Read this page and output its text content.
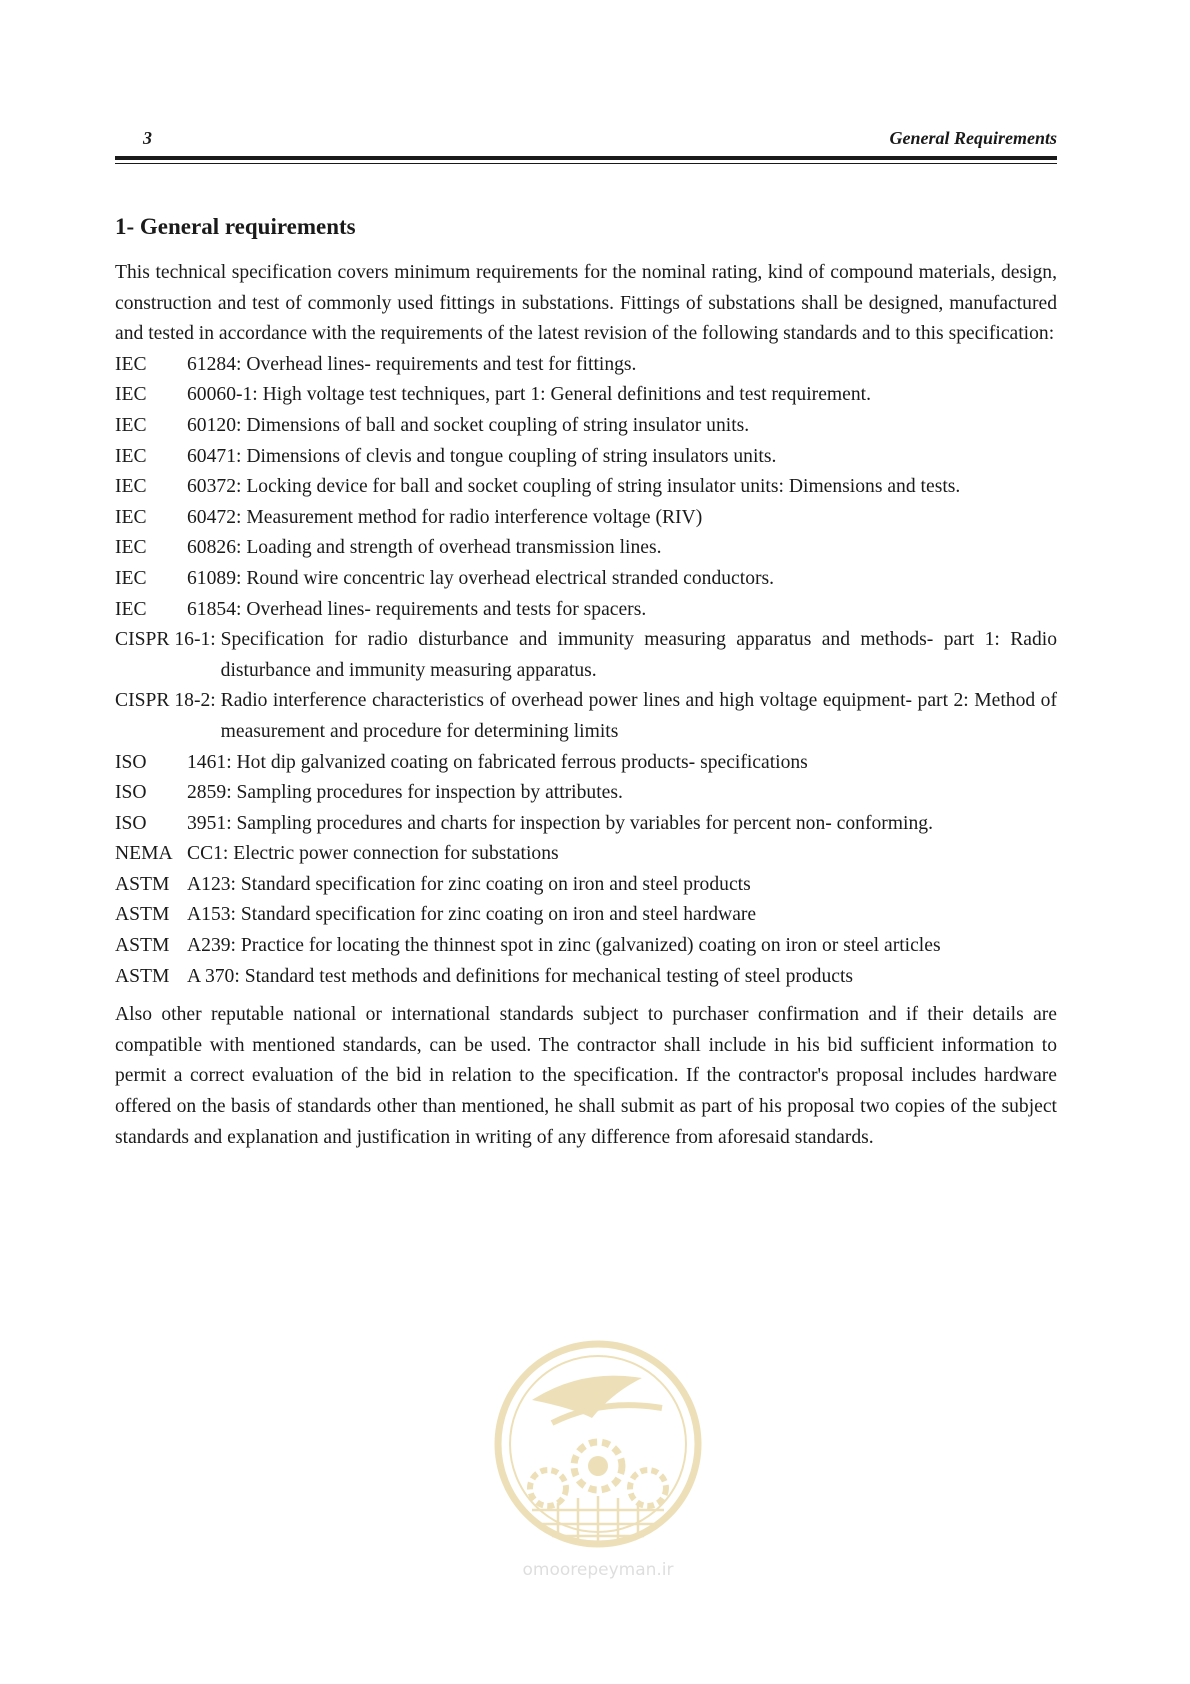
3	General Requirements
1- General requirements

This technical specification covers minimum requirements for the nominal rating, kind of compound materials, design, construction and test of commonly used fittings in substations. Fittings of substations shall be designed, manufactured and tested in accordance with the requirements of the latest revision of the following standards and to this specification:

IEC	61284: Overhead lines- requirements and test for fittings.
IEC	60060-1: High voltage test techniques, part 1: General definitions and test requirement.
IEC	60120: Dimensions of ball and socket coupling of string insulator units.
IEC	60471: Dimensions of clevis and tongue coupling of string insulators units.
IEC	60372: Locking device for ball and socket coupling of string insulator units: Dimensions and tests.
IEC	60472: Measurement method for radio interference voltage (RIV)
IEC	60826: Loading and strength of overhead transmission lines.
IEC	61089: Round wire concentric lay overhead electrical stranded conductors.
IEC	61854: Overhead lines- requirements and tests for spacers.
CISPR 16-1: Specification for radio disturbance and immunity measuring apparatus and methods- part 1: Radio disturbance and immunity measuring apparatus.
CISPR 18-2: Radio interference characteristics of overhead power lines and high voltage equipment- part 2: Method of measurement and procedure for determining limits
ISO	1461: Hot dip galvanized coating on fabricated ferrous products- specifications
ISO	2859: Sampling procedures for inspection by attributes.
ISO	3951: Sampling procedures and charts for inspection by variables for percent non- conforming.
NEMA CC1: Electric power connection for substations
ASTM A123: Standard specification for zinc coating on iron and steel products
ASTM A153: Standard specification for zinc coating on iron and steel hardware
ASTM A239: Practice for locating the thinnest spot in zinc (galvanized) coating on iron or steel articles
ASTM A 370: Standard test methods and definitions for mechanical testing of steel products

Also other reputable national or international standards subject to purchaser confirmation and if their details are compatible with mentioned standards, can be used. The contractor shall include in his bid sufficient information to permit a correct evaluation of the bid in relation to the specification. If the contractor's proposal includes hardware offered on the basis of standards other than mentioned, he shall submit as part of his proposal two copies of the subject standards and explanation and justification in writing of any difference from aforesaid standards.

omoorepeyman.ir
